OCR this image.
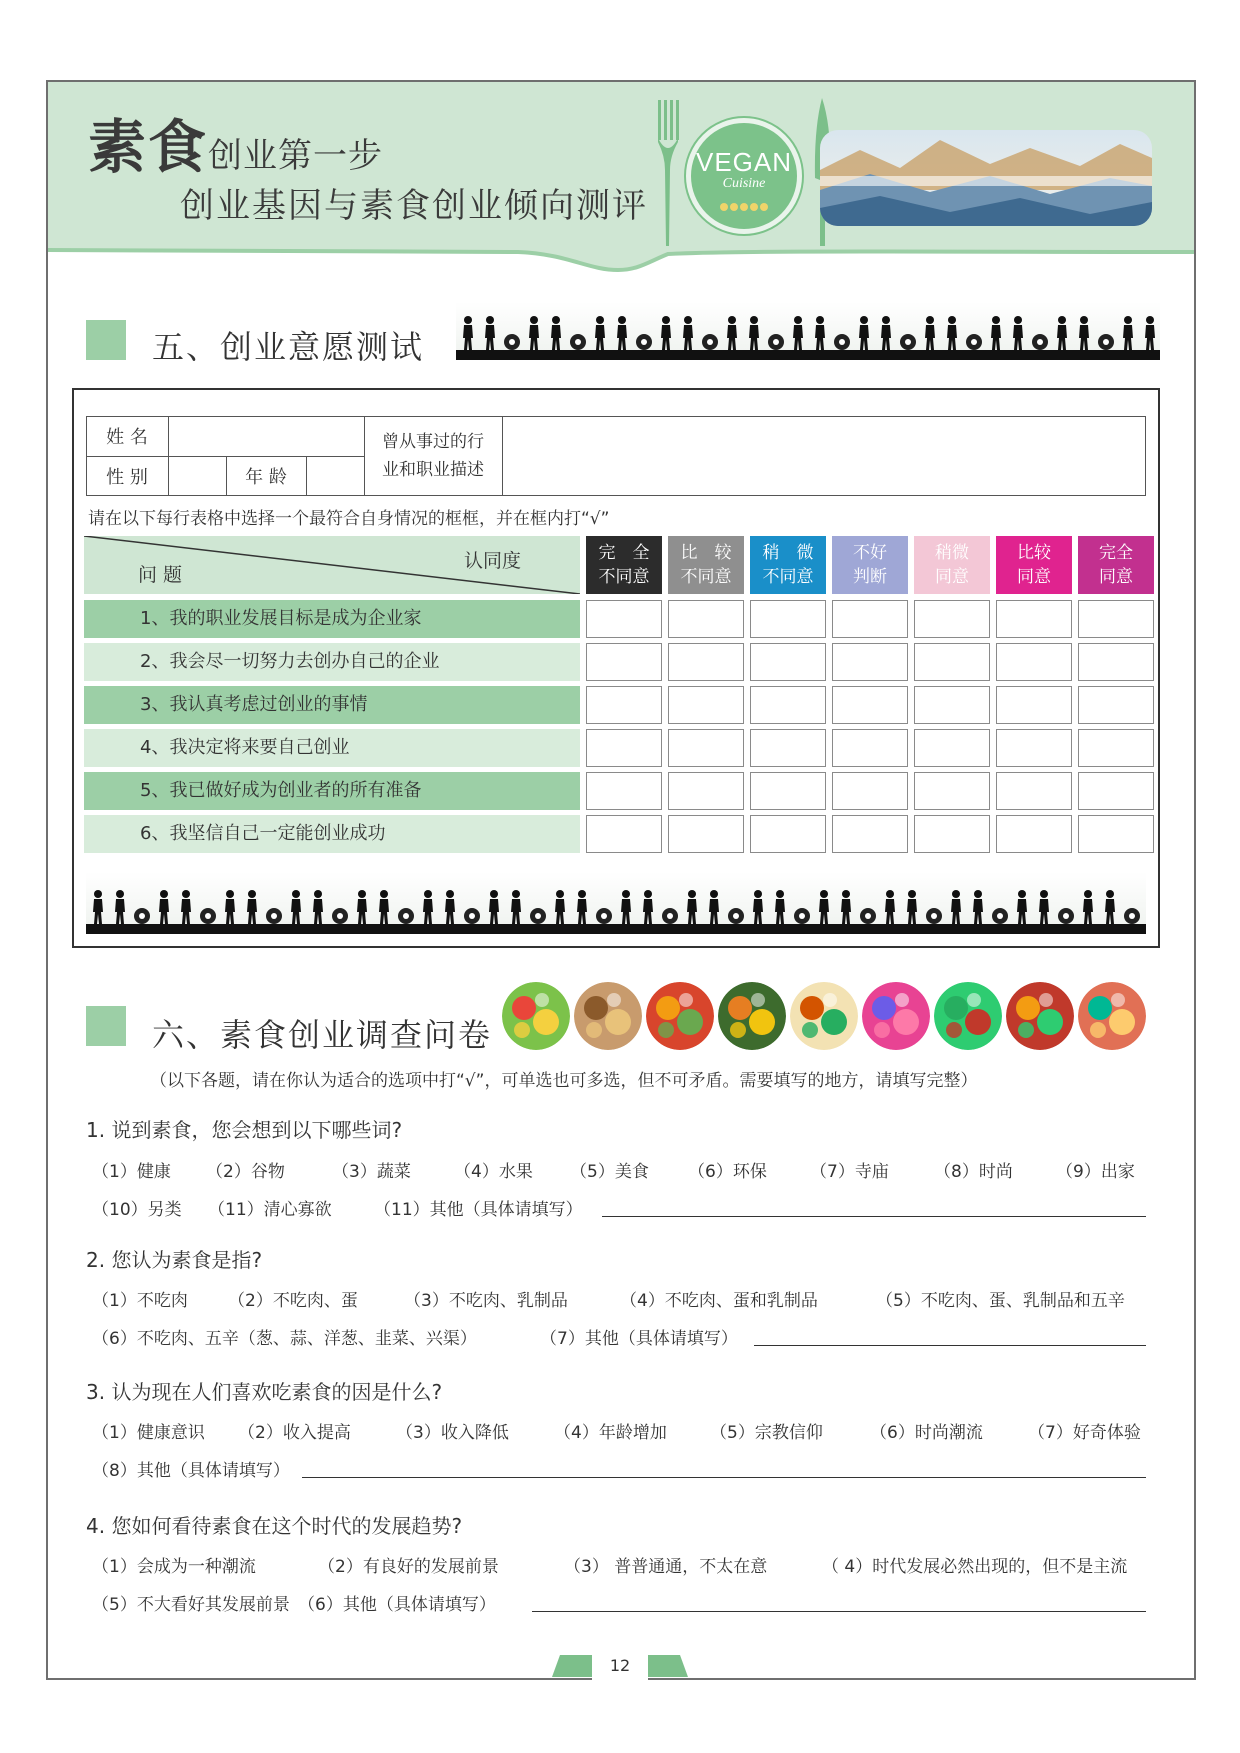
素食创业第一步
创业基因与素食创业倾向测评
VEGAN
Cuisine
五、创业意愿测试
姓 名
性 别	年 龄
曾从事过的行
业和职业描述
请在以下每行表格中选择一个最符合自身情况的框框，并在框内打“√”
问 题
认同度	完　全
不同意
比　较
不同意
稍　微
不同意
不好
判断
稍微
同意
比较
同意
完全
同意
1、我的职业发展目标是成为企业家
2、我会尽一切努力去创办自己的企业
3、我认真考虑过创业的事情
4、我决定将来要自己创业
5、我已做好成为创业者的所有准备
6、我坚信自己一定能创业成功
六、素食创业调查问卷
（以下各题，请在你认为适合的选项中打“√”，可单选也可多选，但不可矛盾。需要填写的地方，请填写完整）
1. 说到素食，您会想到以下哪些词?
（1）健康 （2）谷物	（3）蔬菜	（4）水果 （5）美食 （6）环保	（7）寺庙	（8）时尚	（9）出家
（10）另类 （11）清心寡欲 （11）其他（具体请填写）
2. 您认为素食是指?
（1）不吃肉 （2）不吃肉、蛋	（3）不吃肉、乳制品	（4）不吃肉、蛋和乳制品	（5）不吃肉、蛋、乳制品和五辛
（6）不吃肉、五辛（葱、蒜、洋葱、韭菜、兴渠）	（7）其他（具体请填写）
3. 认为现在人们喜欢吃素食的因是什么?
（1）健康意识 （2）收入提高	（3）收入降低	（4）年龄增加	（5）宗教信仰	（6）时尚潮流	（7）好奇体验
（8）其他（具体请填写）
4. 您如何看待素食在这个时代的发展趋势?
（1）会成为一种潮流	（2）有良好的发展前景	（3） 普普通通，不太在意	（ 4）时代发展必然出现的，但不是主流
（5）不大看好其发展前景 （6）其他（具体请填写）
12
